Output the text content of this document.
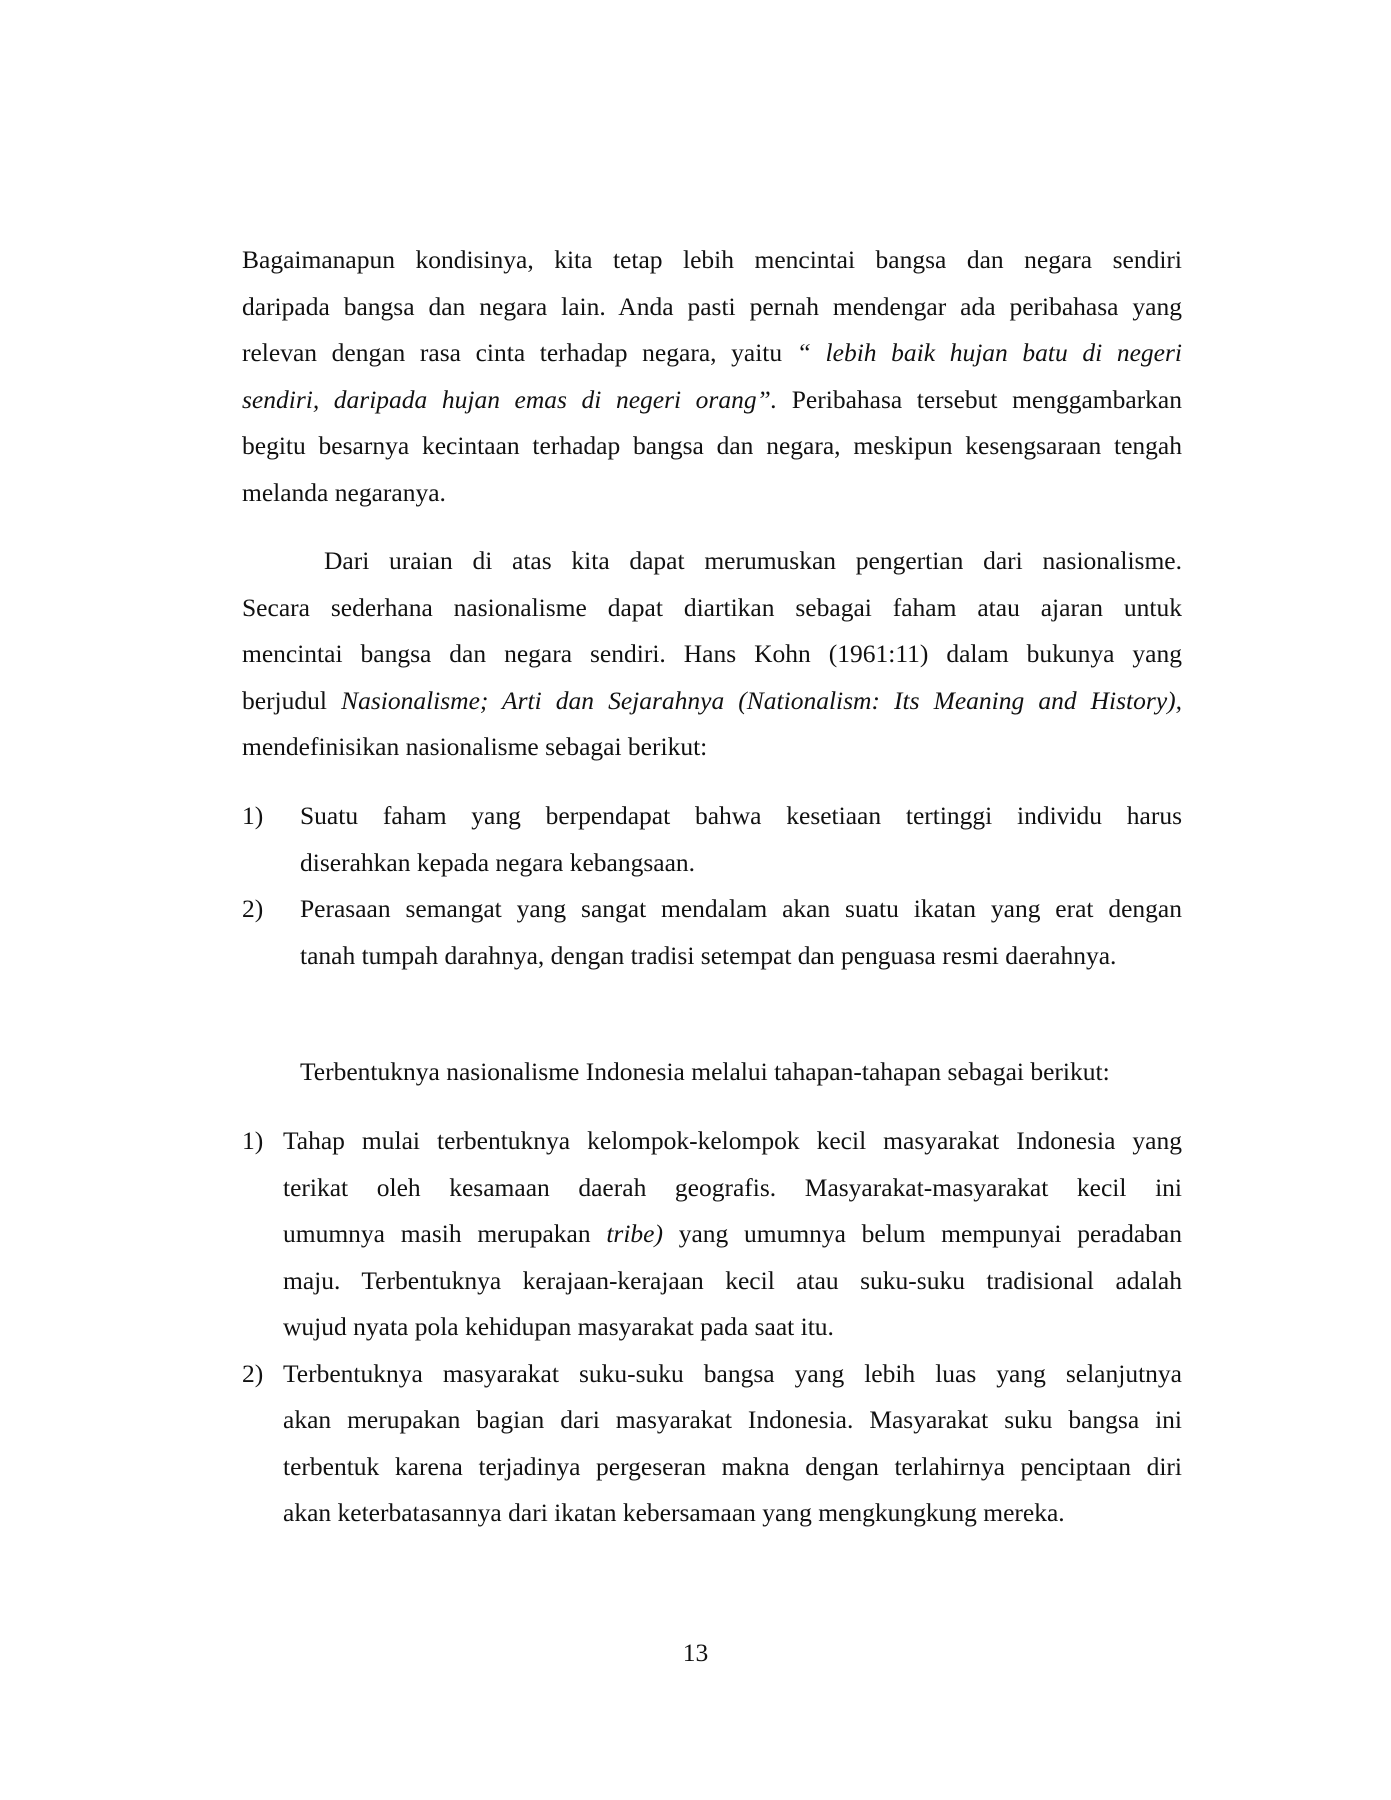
Bagaimanapun kondisinya, kita tetap lebih mencintai bangsa dan negara sendiri
daripada bangsa dan negara lain. Anda pasti pernah mendengar ada peribahasa yang
relevan dengan rasa cinta terhadap negara, yaitu “ lebih baik hujan batu di negeri
sendiri, daripada hujan emas di negeri orang”. Peribahasa tersebut menggambarkan
begitu besarnya kecintaan terhadap bangsa dan negara, meskipun kesengsaraan tengah
melanda negaranya.
Dari uraian di atas kita dapat merumuskan pengertian dari nasionalisme.
Secara sederhana nasionalisme dapat diartikan sebagai faham atau ajaran untuk
mencintai bangsa dan negara sendiri. Hans Kohn (1961:11) dalam bukunya yang
berjudul Nasionalisme; Arti dan Sejarahnya (Nationalism: Its Meaning and History),
mendefinisikan nasionalisme sebagai berikut:
1) Suatu faham yang berpendapat bahwa kesetiaan tertinggi individu harus
diserahkan kepada negara kebangsaan.
2) Perasaan semangat yang sangat mendalam akan suatu ikatan yang erat dengan
tanah tumpah darahnya, dengan tradisi setempat dan penguasa resmi daerahnya.
Terbentuknya nasionalisme Indonesia melalui tahapan-tahapan sebagai berikut:
1) Tahap mulai terbentuknya kelompok-kelompok kecil masyarakat Indonesia yang
terikat oleh kesamaan daerah geografis. Masyarakat-masyarakat kecil ini
umumnya masih merupakan tribe) yang umumnya belum mempunyai peradaban
maju. Terbentuknya kerajaan-kerajaan kecil atau suku-suku tradisional adalah
wujud nyata pola kehidupan masyarakat pada saat itu.
2) Terbentuknya masyarakat suku-suku bangsa yang lebih luas yang selanjutnya
akan merupakan bagian dari masyarakat Indonesia. Masyarakat suku bangsa ini
terbentuk karena terjadinya pergeseran makna dengan terlahirnya penciptaan diri
akan keterbatasannya dari ikatan kebersamaan yang mengkungkung mereka.
13
